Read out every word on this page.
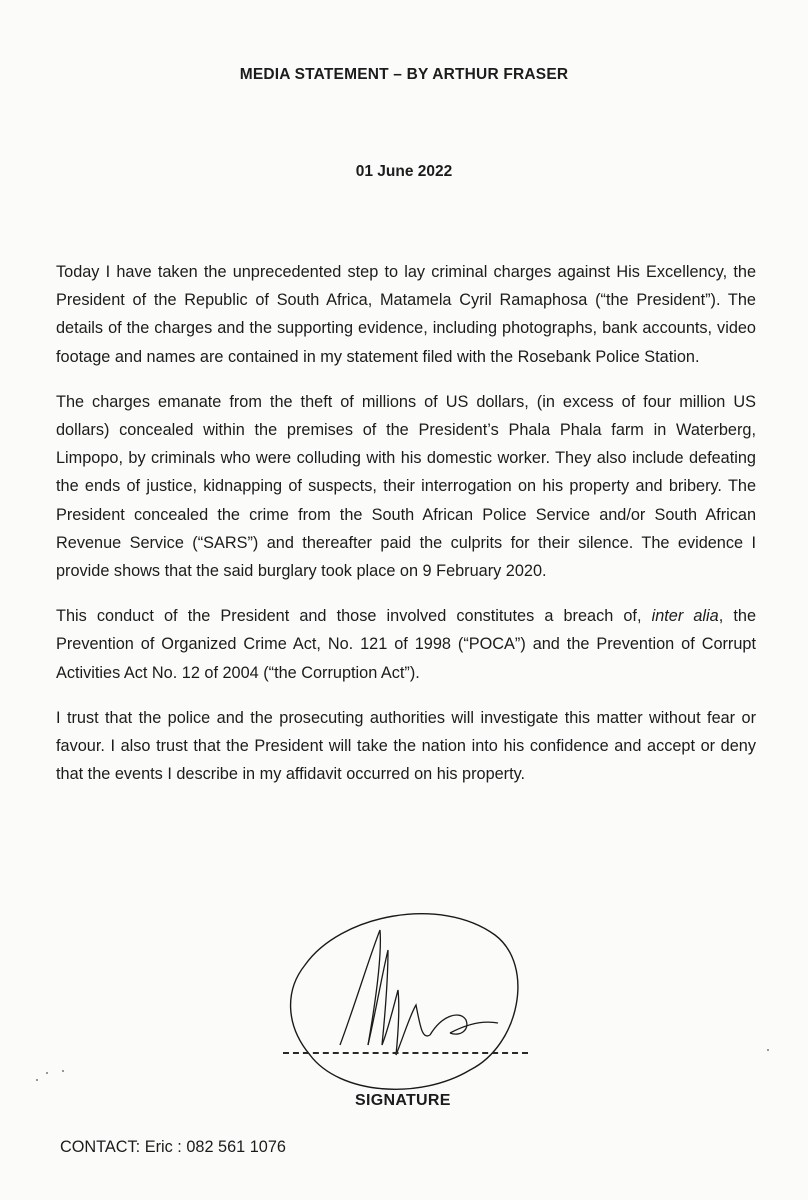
MEDIA STATEMENT – BY ARTHUR FRASER
01 June 2022

Today I have taken the unprecedented step to lay criminal charges against His Excellency, the President of the Republic of South Africa, Matamela Cyril Ramaphosa (“the President”). The details of the charges and the supporting evidence, including photographs, bank accounts, video footage and names are contained in my statement filed with the Rosebank Police Station.

The charges emanate from the theft of millions of US dollars, (in excess of four million US dollars) concealed within the premises of the President’s Phala Phala farm in Waterberg, Limpopo, by criminals who were colluding with his domestic worker. They also include defeating the ends of justice, kidnapping of suspects, their interrogation on his property and bribery. The President concealed the crime from the South African Police Service and/or South African Revenue Service (“SARS”) and thereafter paid the culprits for their silence. The evidence I provide shows that the said burglary took place on 9 February 2020.

This conduct of the President and those involved constitutes a breach of, inter alia, the Prevention of Organized Crime Act, No. 121 of 1998 (“POCA”) and the Prevention of Corrupt Activities Act No. 12 of 2004 (“the Corruption Act”).

I trust that the police and the prosecuting authorities will investigate this matter without fear or favour. I also trust that the President will take the nation into his confidence and accept or deny that the events I describe in my affidavit occurred on his property.

SIGNATURE
CONTACT: Eric : 082 561 1076
